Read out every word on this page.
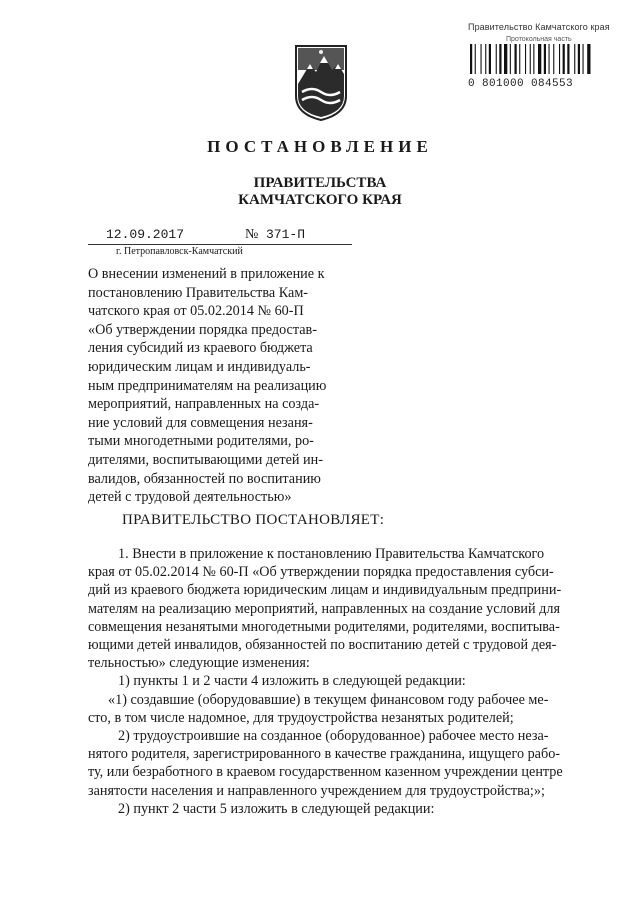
Правительство Камчатского края
Протокольная часть
0 801000 084553
ПОСТАНОВЛЕНИЕ
ПРАВИТЕЛЬСТВА
КАМЧАТСКОГО КРАЯ
12.09.2017	№ 371-П
г. Петропавловск-Камчатский
О внесении изменений в приложение к
постановлению Правительства Кам-
чатского края от 05.02.2014 № 60-П
«Об утверждении порядка предостав-
ления субсидий из краевого бюджета
юридическим лицам и индивидуаль-
ным предпринимателям на реализацию
мероприятий, направленных на созда-
ние условий для совмещения незаня-
тыми многодетными родителями, ро-
дителями, воспитывающими детей ин-
валидов, обязанностей по воспитанию
детей с трудовой деятельностью»
ПРАВИТЕЛЬСТВО ПОСТАНОВЛЯЕТ:
1. Внести в приложение к постановлению Правительства Камчатского
края от 05.02.2014 № 60-П «Об утверждении порядка предоставления субси-
дий из краевого бюджета юридическим лицам и индивидуальным предприни-
мателям на реализацию мероприятий, направленных на создание условий для
совмещения незанятыми многодетными родителями, родителями, воспитыва-
ющими детей инвалидов, обязанностей по воспитанию детей с трудовой дея-
тельностью» следующие изменения:
1) пункты 1 и 2 части 4 изложить в следующей редакции:
«1) создавшие (оборудовавшие) в текущем финансовом году рабочее ме-
сто, в том числе надомное, для трудоустройства незанятых родителей;
2) трудоустроившие на созданное (оборудованное) рабочее место неза-
нятого родителя, зарегистрированного в качестве гражданина, ищущего рабо-
ту, или безработного в краевом государственном казенном учреждении центре
занятости населения и направленного учреждением для трудоустройства;»;
2) пункт 2 части 5 изложить в следующей редакции:
